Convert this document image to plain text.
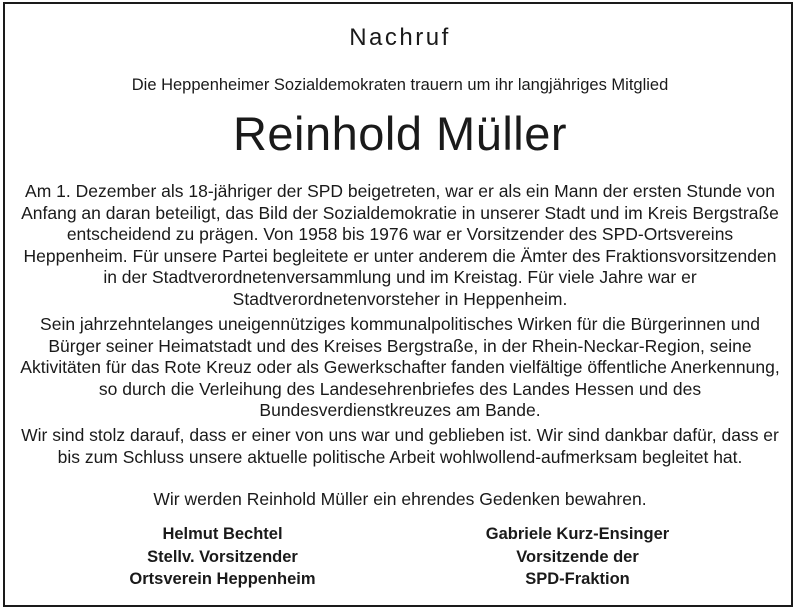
Nachruf
Die Heppenheimer Sozialdemokraten trauern um ihr langjähriges Mitglied
Reinhold Müller
Am 1. Dezember als 18-jähriger der SPD beigetreten, war er als ein Mann der ersten Stunde von Anfang an daran beteiligt, das Bild der Sozialdemokratie in unserer Stadt und im Kreis Bergstraße entscheidend zu prägen. Von 1958 bis 1976 war er Vorsitzender des SPD-Ortsvereins Heppenheim. Für unsere Partei begleitete er unter anderem die Ämter des Fraktionsvorsitzenden in der Stadtverordnetenversammlung und im Kreistag. Für viele Jahre war er Stadtverordnetenvorsteher in Heppenheim.
Sein jahrzehntelanges uneigennütziges kommunalpolitisches Wirken für die Bürgerinnen und Bürger seiner Heimatstadt und des Kreises Bergstraße, in der Rhein-Neckar-Region, seine Aktivitäten für das Rote Kreuz oder als Gewerkschafter fanden vielfältige öffentliche Anerkennung, so durch die Verleihung des Landesehrenbriefes des Landes Hessen und des Bundesverdienstkreuzes am Bande.
Wir sind stolz darauf, dass er einer von uns war und geblieben ist. Wir sind dankbar dafür, dass er bis zum Schluss unsere aktuelle politische Arbeit wohlwollend-aufmerksam begleitet hat.
Wir werden Reinhold Müller ein ehrendes Gedenken bewahren.
Helmut Bechtel
Stellv. Vorsitzender
Ortsverein Heppenheim
Gabriele Kurz-Ensinger
Vorsitzende der
SPD-Fraktion
